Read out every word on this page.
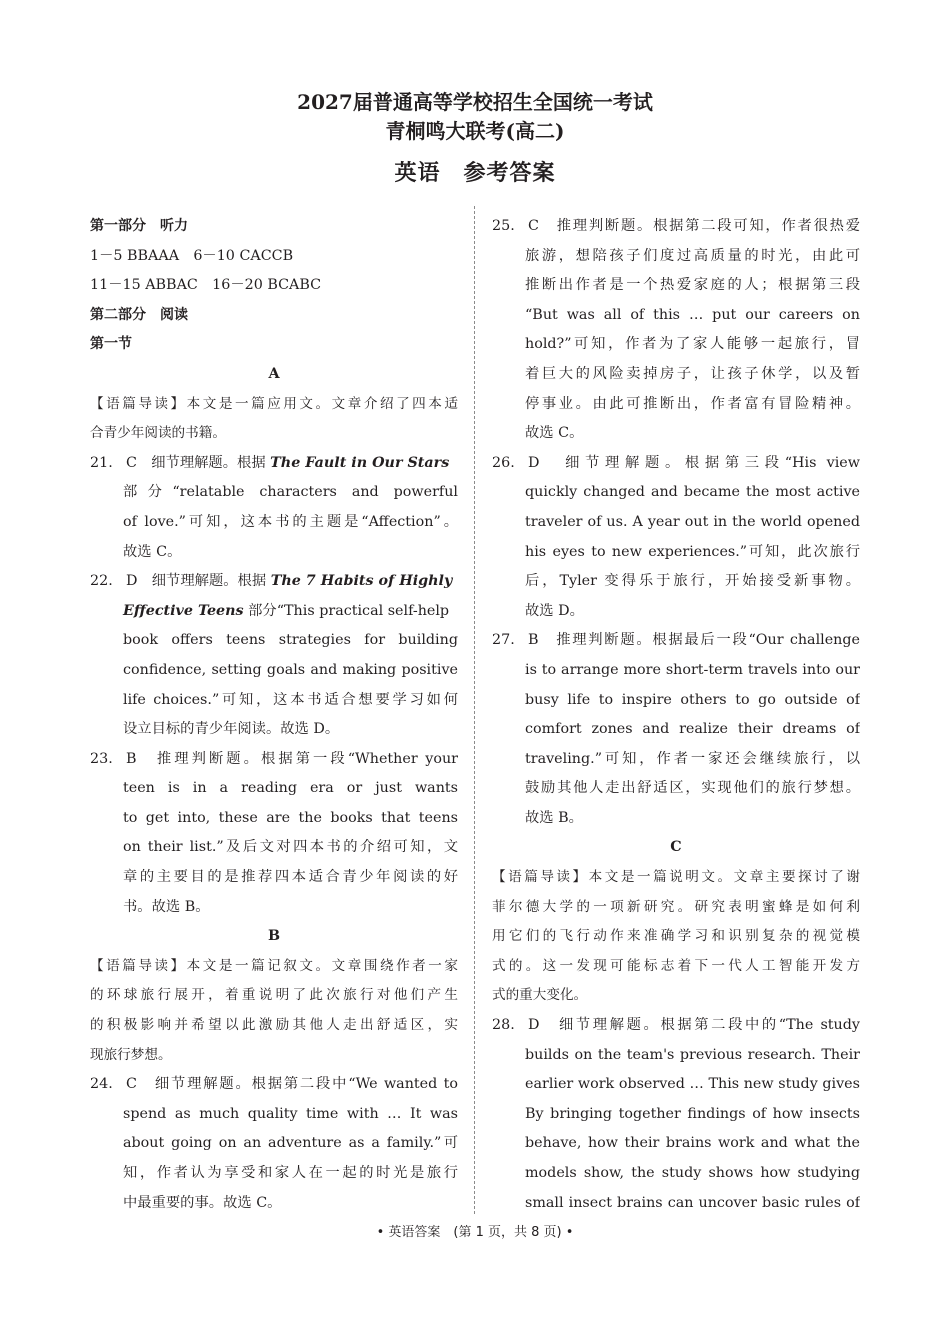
2027届普通高等学校招生全国统一考试
青桐鸣大联考(高二)
英语　参考答案
第一部分　听力
1－5 BBAAA　6－10 CACCB
11－15 ABBAC　16－20 BCABC
第二部分　阅读
第一节
A
【语篇导读】本文是一篇应用文。文章介绍了四本适
合青少年阅读的书籍。
21. C　细节理解题。根据 The Fault in Our Stars
部分“relatable characters and powerful
of love.”可知，这本书的主题是“Affection”。
故选 C。
22. D　细节理解题。根据 The 7 Habits of Highly
Effective Teens 部分“This practical self-help
book offers teens strategies for building
confidence, setting goals and making positive
life choices.”可知，这本书适合想要学习如何
设立目标的青少年阅读。故选 D。
23. B　推理判断题。根据第一段“Whether your
teen is in a reading era or just wants
to get into, these are the books that teens
on their list.”及后文对四本书的介绍可知，文
章的主要目的是推荐四本适合青少年阅读的好
书。故选 B。
B
【语篇导读】本文是一篇记叙文。文章围绕作者一家
的环球旅行展开，着重说明了此次旅行对他们产生
的积极影响并希望以此激励其他人走出舒适区，实
现旅行梦想。
24. C　细节理解题。根据第二段中“We wanted to
spend as much quality time with … It was
about going on an adventure as a family.”可
知，作者认为享受和家人在一起的时光是旅行
中最重要的事。故选 C。
25. C　推理判断题。根据第二段可知，作者很热爱
旅游，想陪孩子们度过高质量的时光，由此可
推断出作者是一个热爱家庭的人；根据第三段
“But was all of this … put our careers on
hold?”可知，作者为了家人能够一起旅行，冒
着巨大的风险卖掉房子，让孩子休学，以及暂
停事业。由此可推断出，作者富有冒险精神。
故选 C。
26. D　细节理解题。根据第三段“His view
quickly changed and became the most active
traveler of us. A year out in the world opened
his eyes to new experiences.”可知，此次旅行
后，Tyler 变得乐于旅行，开始接受新事物。
故选 D。
27. B　推理判断题。根据最后一段“Our challenge
is to arrange more short-term travels into our
busy life to inspire others to go outside of
comfort zones and realize their dreams of
traveling.”可知，作者一家还会继续旅行，以
鼓励其他人走出舒适区，实现他们的旅行梦想。
故选 B。
C
【语篇导读】本文是一篇说明文。文章主要探讨了谢
菲尔德大学的一项新研究。研究表明蜜蜂是如何利
用它们的飞行动作来准确学习和识别复杂的视觉模
式的。这一发现可能标志着下一代人工智能开发方
式的重大变化。
28. D　细节理解题。根据第二段中的“The study
builds on the team's previous research. Their
earlier work observed … This new study gives
By bringing together findings of how insects
behave, how their brains work and what the
models show, the study shows how studying
small insect brains can uncover basic rules of
• 英语答案　(第 1 页，共 8 页) •
